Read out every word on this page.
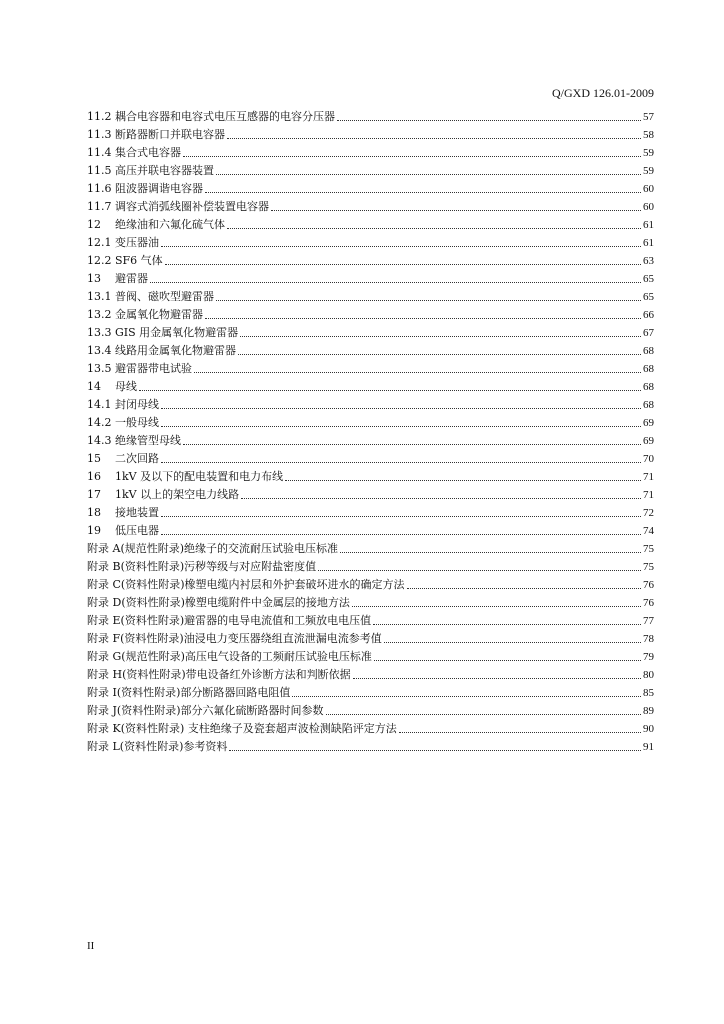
Q/GXD 126.01-2009
11.2 耦合电容器和电容式电压互感器的电容分压器	57
11.3 断路器断口并联电容器	58
11.4 集合式电容器	59
11.5 高压并联电容器装置	59
11.6 阻波器调谐电容器	60
11.7 调容式消弧线圈补偿装置电容器	60
12	绝缘油和六氟化硫气体	61
12.1 变压器油	61
12.2 SF6 气体	63
13	避雷器	65
13.1 普阀、磁吹型避雷器	65
13.2 金属氧化物避雷器	66
13.3 GIS 用金属氧化物避雷器	67
13.4 线路用金属氧化物避雷器	68
13.5 避雷器带电试验	68
14	母线	68
14.1 封闭母线	68
14.2 一般母线	69
14.3 绝缘管型母线	69
15	二次回路	70
16	1kV 及以下的配电装置和电力布线	71
17	1kV 以上的架空电力线路	71
18	接地装置	72
19	低压电器	74
附录 A(规范性附录)绝缘子的交流耐压试验电压标准	75
附录 B(资料性附录)污秽等级与对应附盐密度值	75
附录 C(资料性附录)橡塑电缆内衬层和外护套破坏进水的确定方法	76
附录 D(资料性附录)橡塑电缆附件中金属层的接地方法	76
附录 E(资料性附录)避雷器的电导电流值和工频放电电压值	77
附录 F(资料性附录)油浸电力变压器绕组直流泄漏电流参考值	78
附录 G(规范性附录)高压电气设备的工频耐压试验电压标准	79
附录 H(资料性附录)带电设备红外诊断方法和判断依据	80
附录 I(资料性附录)部分断路器回路电阻值	85
附录 J(资料性附录)部分六氟化硫断路器时间参数	89
附录 K(资料性附录) 支柱绝缘子及瓷套超声波检测缺陷评定方法	90
附录 L(资料性附录)参考资料	91
II
